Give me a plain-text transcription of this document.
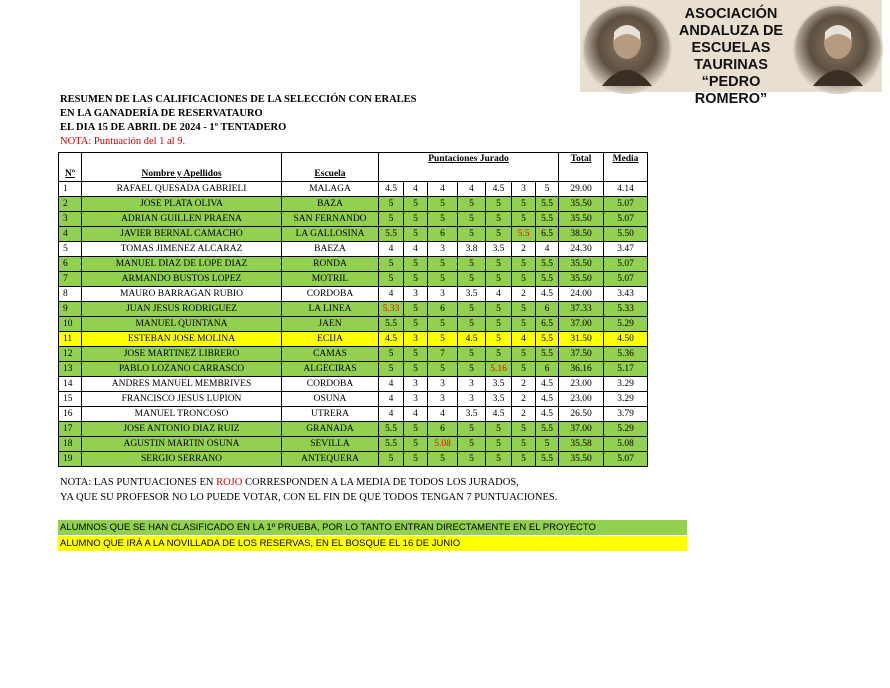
ASOCIACIÓN
ANDALUZA DE
ESCUELAS TAURINAS
“PEDRO ROMERO”
RESUMEN DE LAS CALIFICACIONES DE LA SELECCIÓN CON ERALES
EN LA GANADERÍA DE RESERVATAURO
EL DIA 15 DE ABRIL DE 2024 - 1º TENTADERO
NOTA: Puntuación del 1 al 9.
Nº	Nombre y Apellidos	Escuela	Puntaciones Jurado							Total	Media

1	RAFAEL QUESADA GABRIELI	MALAGA	4.5	4	4	4	4.5	3	5	29.00	4.14
2	JOSE PLATA OLIVA	BAZA	5	5	5	5	5	5	5.5	35.50	5.07
3	ADRIAN GUILLEN PRAENA	SAN FERNANDO	5	5	5	5	5	5	5.5	35.50	5.07
4	JAVIER BERNAL CAMACHO	LA GALLOSINA	5.5	5	6	5	5	5.5	6.5	38.50	5.50
5	TOMAS JIMENEZ ALCARAZ	BAEZA	4	4	3	3.8	3.5	2	4	24.30	3.47
6	MANUEL DIAZ DE LOPE DIAZ	RONDA	5	5	5	5	5	5	5.5	35.50	5.07
7	ARMANDO BUSTOS LOPEZ	MOTRIL	5	5	5	5	5	5	5.5	35.50	5.07
8	MAURO BARRAGAN RUBIO	CORDOBA	4	3	3	3.5	4	2	4.5	24.00	3.43
9	JUAN JESUS RODRIGUEZ	LA LINEA	5.33	5	6	5	5	5	6	37.33	5.33
10	MANUEL QUINTANA	JAEN	5.5	5	5	5	5	5	6.5	37.00	5.29
11	ESTEBAN JOSE MOLINA	ECIJA	4.5	3	5	4.5	5	4	5.5	31.50	4.50
12	JOSE MARTINEZ LIBRERO	CAMAS	5	5	7	5	5	5	5.5	37.50	5.36
13	PABLO LOZANO CARRASCO	ALGECIRAS	5	5	5	5	5.16	5	6	36.16	5.17
14	ANDRES MANUEL MEMBRIVES	CORDOBA	4	3	3	3	3.5	2	4.5	23.00	3.29
15	FRANCISCO JESUS LUPION	OSUNA	4	3	3	3	3.5	2	4.5	23.00	3.29
16	MANUEL TRONCOSO	UTRERA	4	4	4	3.5	4.5	2	4.5	26.50	3.79
17	JOSE ANTONIO DIAZ RUIZ	GRANADA	5.5	5	6	5	5	5	5.5	37.00	5.29
18	AGUSTIN MARTIN OSUNA	SEVILLA	5.5	5	5.08	5	5	5	5	35.58	5.08
19	SERGIO SERRANO	ANTEQUERA	5	5	5	5	5	5	5.5	35.50	5.07
NOTA: LAS PUNTUACIONES EN ROJO CORRESPONDEN A LA MEDIA DE TODOS LOS JURADOS,
YA QUE SU PROFESOR NO LO PUEDE VOTAR, CON EL FIN DE QUE TODOS TENGAN 7 PUNTUACIONES.
ALUMNOS QUE SE HAN CLASIFICADO EN LA 1º PRUEBA, POR LO TANTO ENTRAN DIRECTAMENTE EN EL PROYECTO
ALUMNO QUE IRÁ A LA NOVILLADA DE LOS RESERVAS, EN EL BOSQUE EL 16 DE JUNIO
